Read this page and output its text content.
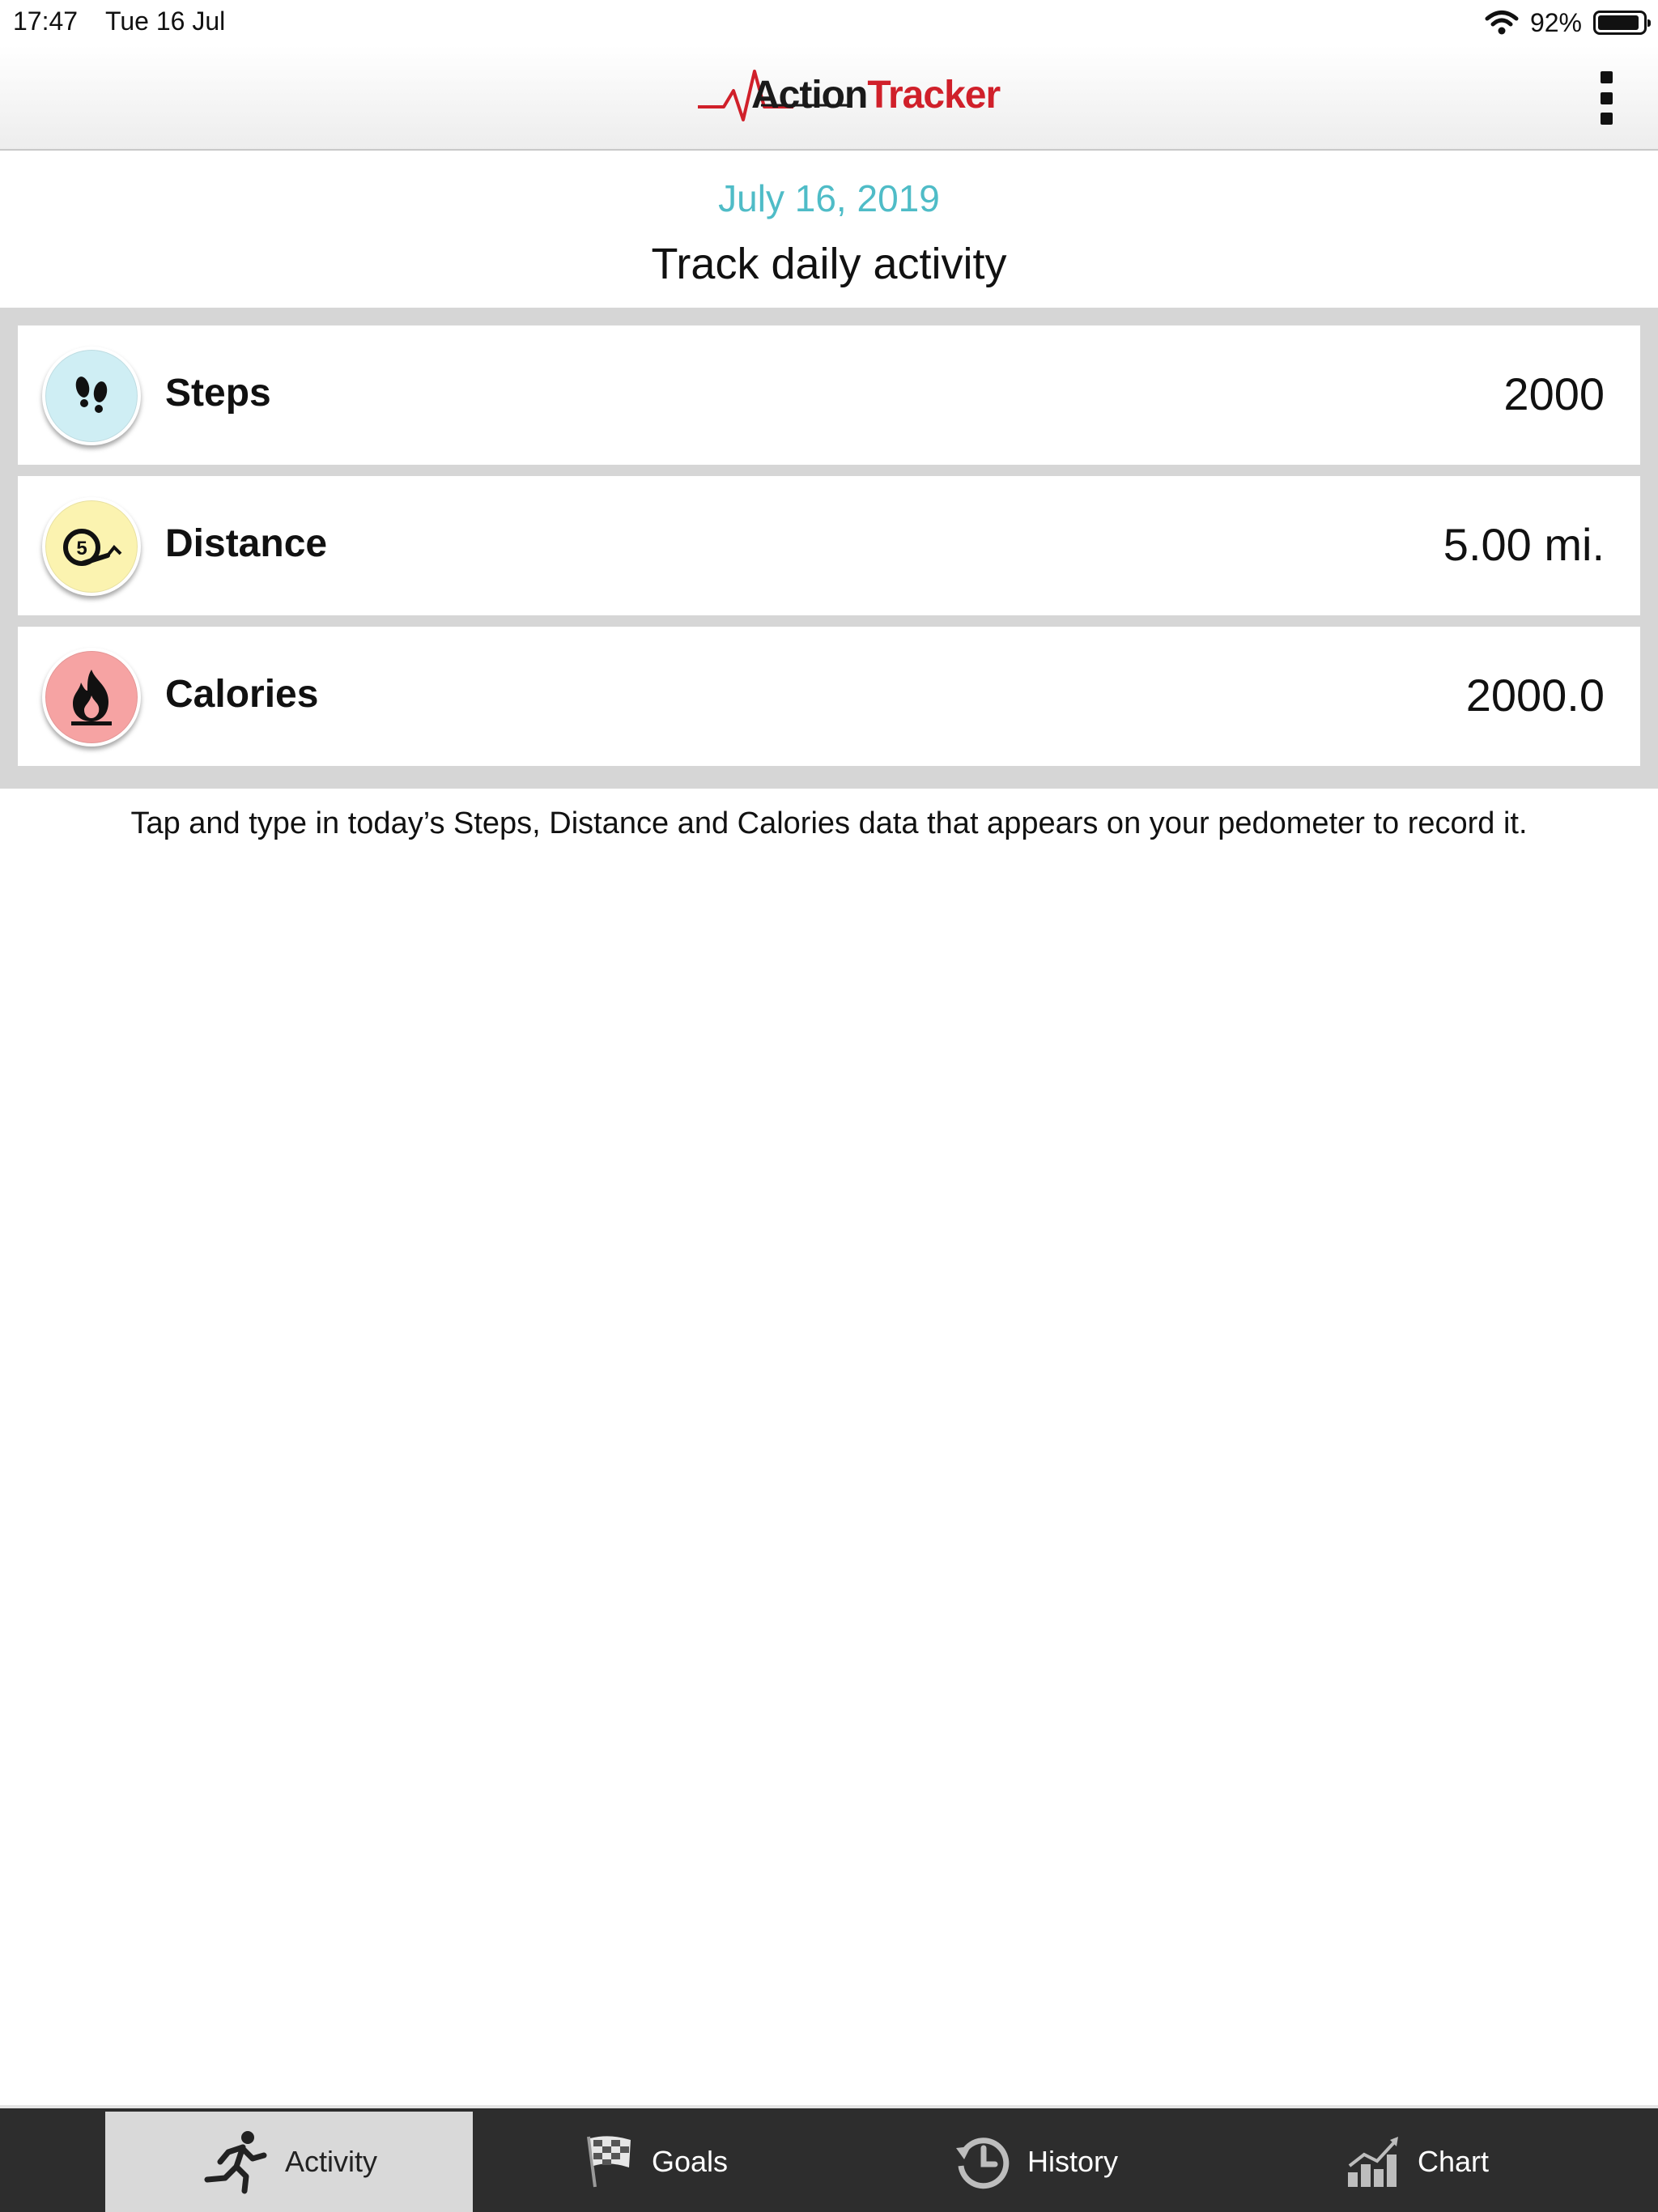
17:47 Tue 16 Jul	92%
ActionTracker
July 16, 2019
Track daily activity
Steps	2000
5 Distance	5.00 mi.
Calories	2000.0
Tap and type in today’s Steps, Distance and Calories data that appears on your pedometer to record it.
Activity	Goals	History	Chart
